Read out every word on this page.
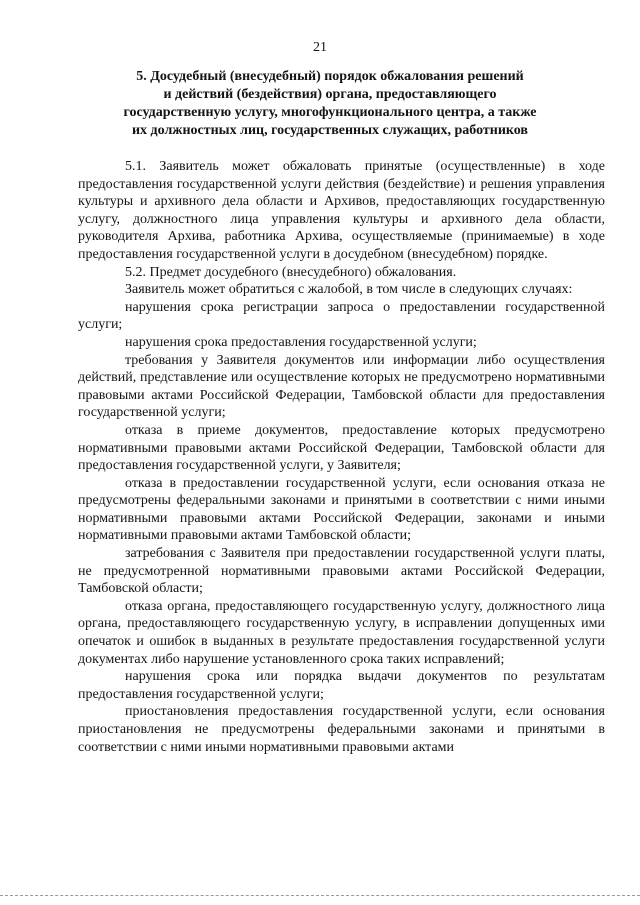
21
5. Досудебный (внесудебный) порядок обжалования решений
и действий (бездействия) органа, предоставляющего
государственную услугу, многофункционального центра, а также
их должностных лиц, государственных служащих, работников

5.1. Заявитель может обжаловать принятые (осуществленные) в ходе предоставления государственной услуги действия (бездействие) и решения управления культуры и архивного дела области и Архивов, предоставляющих государственную услугу, должностного лица управления культуры и архивного дела области, руководителя Архива, работника Архива, осуществляемые (принимаемые) в ходе предоставления государственной услуги в досудебном (внесудебном) порядке.

5.2. Предмет досудебного (внесудебного) обжалования.

Заявитель может обратиться с жалобой, в том числе в следующих случаях:

нарушения срока регистрации запроса о предоставлении государственной услуги;

нарушения срока предоставления государственной услуги;

требования у Заявителя документов или информации либо осуществления действий, представление или осуществление которых не предусмотрено нормативными правовыми актами Российской Федерации, Тамбовской области для предоставления государственной услуги;

отказа в приеме документов, предоставление которых предусмотрено нормативными правовыми актами Российской Федерации, Тамбовской области для предоставления государственной услуги, у Заявителя;

отказа в предоставлении государственной услуги, если основания отказа не предусмотрены федеральными законами и принятыми в соответствии с ними иными нормативными правовыми актами Российской Федерации, законами и иными нормативными правовыми актами Тамбовской области;

затребования с Заявителя при предоставлении государственной услуги платы, не предусмотренной нормативными правовыми актами Российской Федерации, Тамбовской области;

отказа органа, предоставляющего государственную услугу, должностного лица органа, предоставляющего государственную услугу, в исправлении допущенных ими опечаток и ошибок в выданных в результате предоставления государственной услуги документах либо нарушение установленного срока таких исправлений;

нарушения срока или порядка выдачи документов по результатам предоставления государственной услуги;

приостановления предоставления государственной услуги, если основания приостановления не предусмотрены федеральными законами и принятыми в соответствии с ними иными нормативными правовыми актами
